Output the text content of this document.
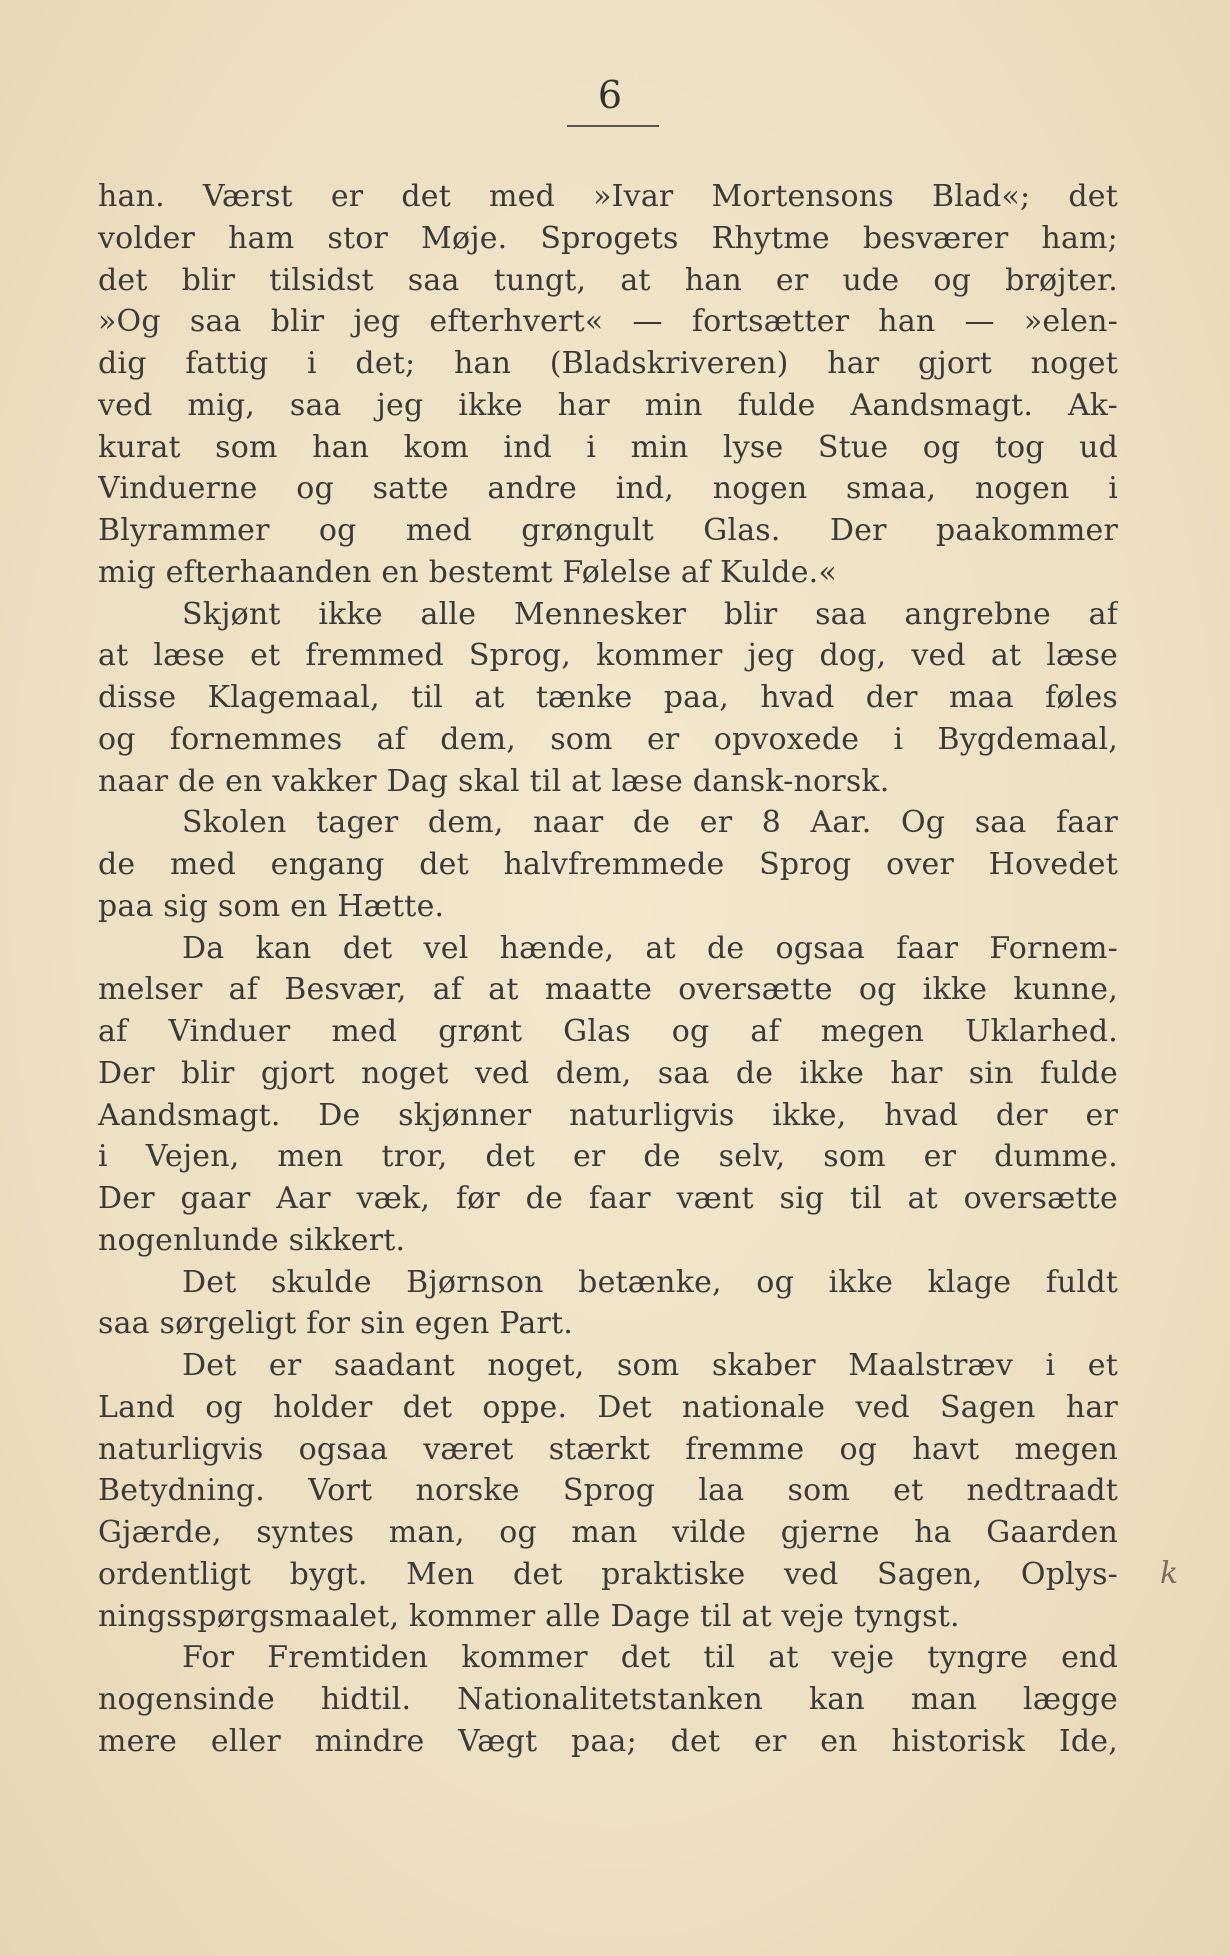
6
han. Værst er det med »Ivar Mortensons Blad«; det
volder ham stor Møje. Sprogets Rhytme besværer ham;
det blir tilsidst saa tungt, at han er ude og brøjter.
»Og saa blir jeg efterhvert« — fortsætter han — »elen-
dig fattig i det; han (Bladskriveren) har gjort noget
ved mig, saa jeg ikke har min fulde Aandsmagt. Ak-
kurat som han kom ind i min lyse Stue og tog ud
Vinduerne og satte andre ind, nogen smaa, nogen i
Blyrammer og med grøngult Glas. Der paakommer
mig efterhaanden en bestemt Følelse af Kulde.«
Skjønt ikke alle Mennesker blir saa angrebne af
at læse et fremmed Sprog, kommer jeg dog, ved at læse
disse Klagemaal, til at tænke paa, hvad der maa føles
og fornemmes af dem, som er opvoxede i Bygdemaal,
naar de en vakker Dag skal til at læse dansk-norsk.
Skolen tager dem, naar de er 8 Aar. Og saa faar
de med engang det halvfremmede Sprog over Hovedet
paa sig som en Hætte.
Da kan det vel hænde, at de ogsaa faar Fornem-
melser af Besvær, af at maatte oversætte og ikke kunne,
af Vinduer med grønt Glas og af megen Uklarhed.
Der blir gjort noget ved dem, saa de ikke har sin fulde
Aandsmagt. De skjønner naturligvis ikke, hvad der er
i Vejen, men tror, det er de selv, som er dumme.
Der gaar Aar væk, før de faar vænt sig til at oversætte
nogenlunde sikkert.
Det skulde Bjørnson betænke, og ikke klage fuldt
saa sørgeligt for sin egen Part.
Det er saadant noget, som skaber Maalstræv i et
Land og holder det oppe. Det nationale ved Sagen har
naturligvis ogsaa været stærkt fremme og havt megen
Betydning. Vort norske Sprog laa som et nedtraadt
Gjærde, syntes man, og man vilde gjerne ha Gaarden
ordentligt bygt. Men det praktiske ved Sagen, Oplys-
ningsspørgsmaalet, kommer alle Dage til at veje tyngst.
For Fremtiden kommer det til at veje tyngre end
nogensinde hidtil. Nationalitetstanken kan man lægge
mere eller mindre Vægt paa; det er en historisk Ide,
k
